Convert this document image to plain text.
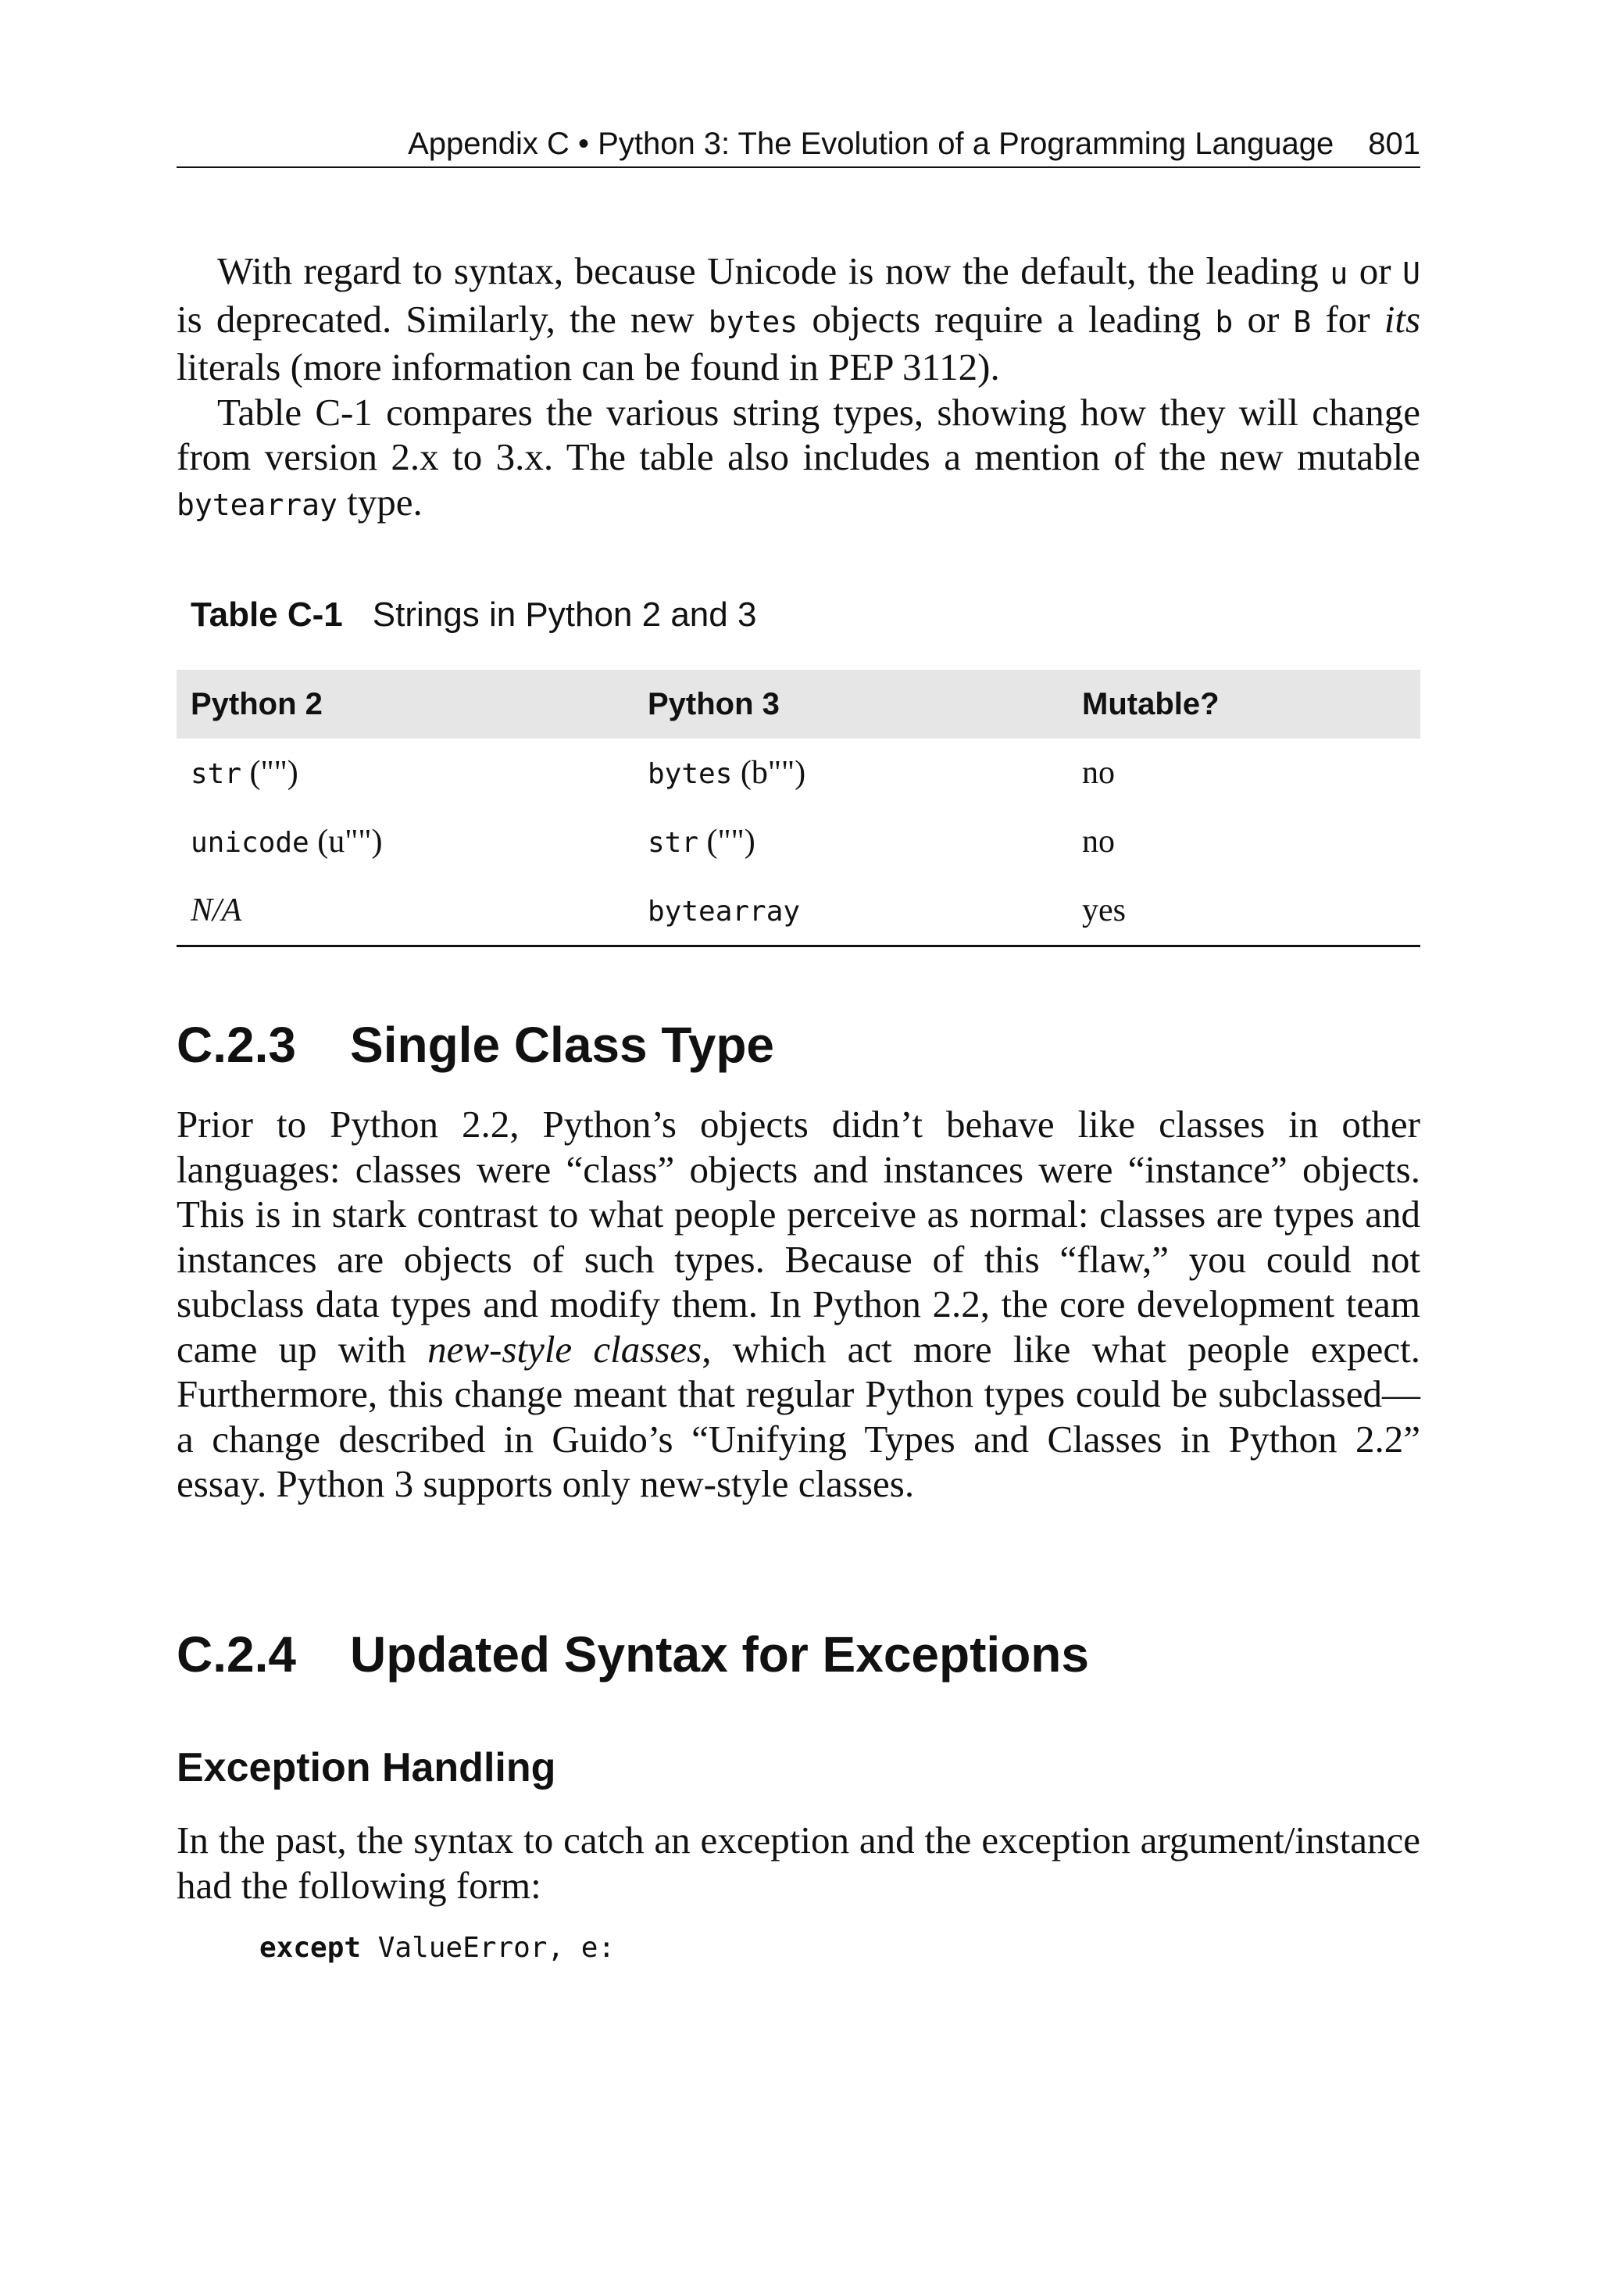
Appendix C • Python 3: The Evolution of a Programming Language 801

With regard to syntax, because Unicode is now the default, the leading u or U is deprecated. Similarly, the new bytes objects require a leading b or B for its literals (more information can be found in PEP 3112).

Table C-1 compares the various string types, showing how they will change from version 2.x to 3.x. The table also includes a mention of the new mutable bytearray type.

Table C-1 Strings in Python 2 and 3
Python 2	Python 3	Mutable?
str ("")	bytes (b"")	no
unicode (u"")	str ("")	no
N/A	bytearray	yes
C.2.3 Single Class Type

Prior to Python 2.2, Python’s objects didn’t behave like classes in other languages: classes were “class” objects and instances were “instance” objects. This is in stark contrast to what people perceive as normal: classes are types and instances are objects of such types. Because of this “flaw,” you could not subclass data types and modify them. In Python 2.2, the core development team came up with new-style classes, which act more like what people expect. Furthermore, this change meant that regular Python types could be subclassed—a change described in Guido’s “Unifying Types and Classes in Python 2.2” essay. Python 3 supports only new-style classes.

C.2.4 Updated Syntax for Exceptions
Exception Handling

In the past, the syntax to catch an exception and the exception argument/instance had the following form:

except ValueError, e:
